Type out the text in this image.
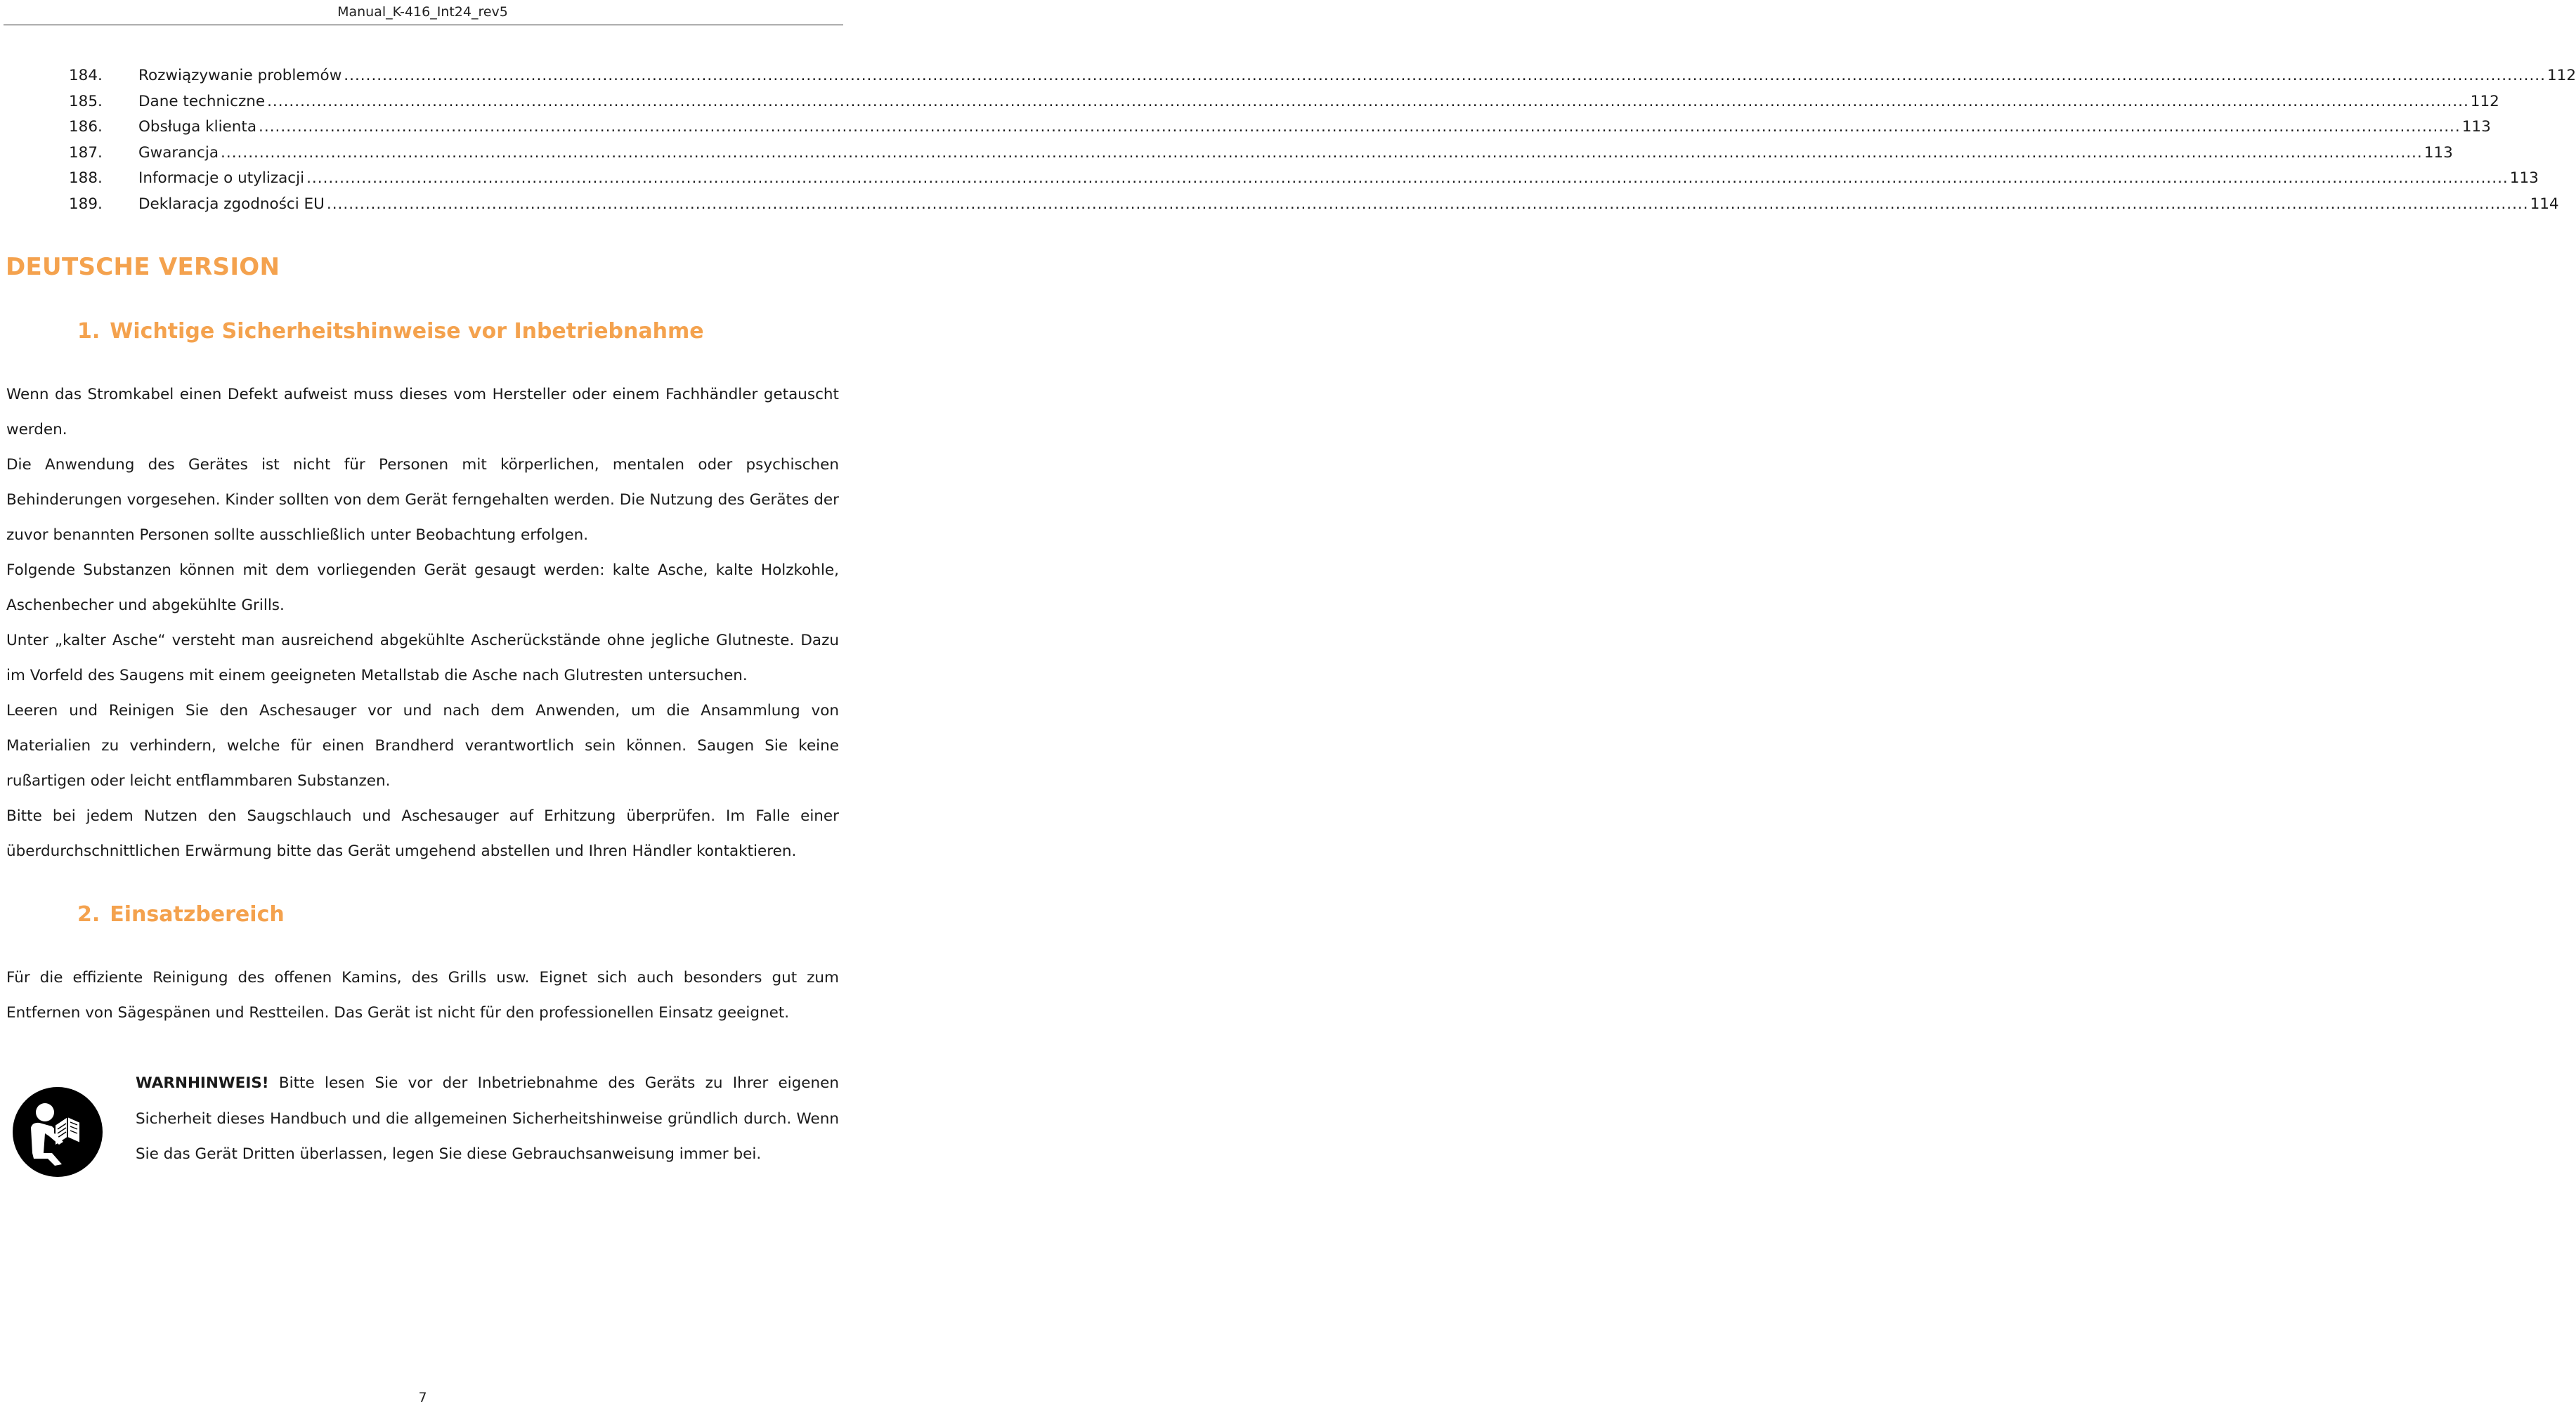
Manual_K-416_Int24_rev5
184.	Rozwiązywanie problemów ................................................................................................................................................................................................................................................................................................................................................................................................................ 112
185.	Dane techniczne ................................................................................................................................................................................................................................................................................................................................................................................................................ 112
186.	Obsługa klienta ................................................................................................................................................................................................................................................................................................................................................................................................................ 113
187.	Gwarancja ................................................................................................................................................................................................................................................................................................................................................................................................................ 113
188.	Informacje o utylizacji ................................................................................................................................................................................................................................................................................................................................................................................................................ 113
189.	Deklaracja zgodności EU ................................................................................................................................................................................................................................................................................................................................................................................................................ 114
DEUTSCHE VERSION
1. Wichtige Sicherheitshinweise vor Inbetriebnahme

Wenn das Stromkabel einen Defekt aufweist muss dieses vom Hersteller oder einem Fachhändler getauscht werden.

Die Anwendung des Gerätes ist nicht für Personen mit körperlichen, mentalen oder psychischen Behinderungen vorgesehen. Kinder sollten von dem Gerät ferngehalten werden. Die Nutzung des Gerätes der zuvor benannten Personen sollte ausschließlich unter Beobachtung erfolgen.

Folgende Substanzen können mit dem vorliegenden Gerät gesaugt werden: kalte Asche, kalte Holzkohle, Aschenbecher und abgekühlte Grills.

Unter „kalter Asche“ versteht man ausreichend abgekühlte Ascherückstände ohne jegliche Glutneste. Dazu im Vorfeld des Saugens mit einem geeigneten Metallstab die Asche nach Glutresten untersuchen.

Leeren und Reinigen Sie den Aschesauger vor und nach dem Anwenden, um die Ansammlung von Materialien zu verhindern, welche für einen Brandherd verantwortlich sein können. Saugen Sie keine rußartigen oder leicht entflammbaren Substanzen.

Bitte bei jedem Nutzen den Saugschlauch und Aschesauger auf Erhitzung überprüfen. Im Falle einer überdurchschnittlichen Erwärmung bitte das Gerät umgehend abstellen und Ihren Händler kontaktieren.

2. Einsatzbereich

Für die effiziente Reinigung des offenen Kamins, des Grills usw. Eignet sich auch besonders gut zum Entfernen von Sägespänen und Restteilen. Das Gerät ist nicht für den professionellen Einsatz geeignet.

WARNHINWEIS! Bitte lesen Sie vor der Inbetriebnahme des Geräts zu Ihrer eigenen Sicherheit dieses Handbuch und die allgemeinen Sicherheitshinweise gründlich durch. Wenn Sie das Gerät Dritten überlassen, legen Sie diese Gebrauchsanweisung immer bei.

7
